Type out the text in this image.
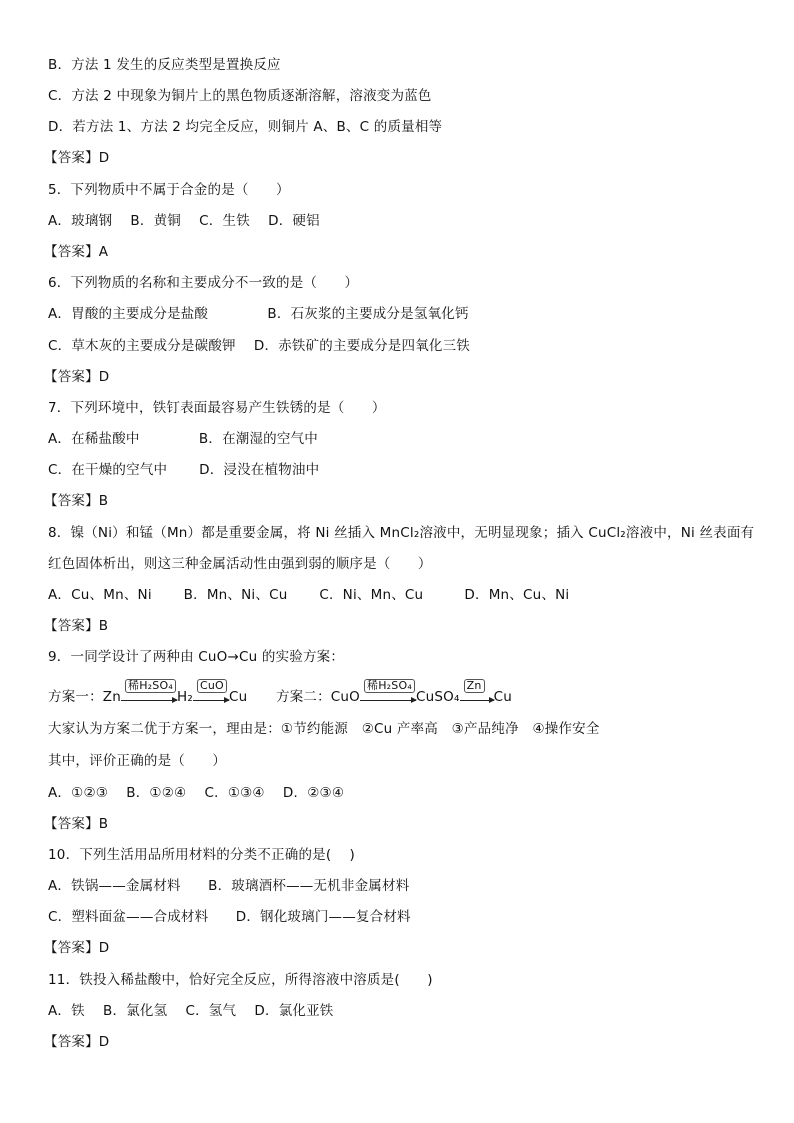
B．方法 1 发生的反应类型是置换反应
C．方法 2 中现象为铜片上的黑色物质逐渐溶解，溶液变为蓝色
D．若方法 1、方法 2 均完全反应，则铜片 A、B、C 的质量相等
【答案】D
5．下列物质中不属于合金的是（　　）
A．玻璃钢　 B．黄铜　 C．生铁　 D．硬铝
【答案】A
6．下列物质的名称和主要成分不一致的是（　　）
A．胃酸的主要成分是盐酸　　　　 B．石灰浆的主要成分是氢氧化钙
C．草木灰的主要成分是碳酸钾　 D．赤铁矿的主要成分是四氧化三铁
【答案】D
7．下列环境中，铁钉表面最容易产生铁锈的是（　　）
A．在稀盐酸中　　　　 B．在潮湿的空气中
C．在干燥的空气中　　 D．浸没在植物油中
【答案】B
8．镍（Ni）和锰（Mn）都是重要金属，将 Ni 丝插入 MnCl₂溶液中，无明显现象；插入 CuCl₂溶液中，Ni 丝表面有
红色固体析出，则这三种金属活动性由强到弱的顺序是（　　）
A．Cu、Mn、Ni　　 B．Mn、Ni、Cu　　 C．Ni、Mn、Cu　　　D．Mn、Cu、Ni
【答案】B
9．一同学设计了两种由 CuO→Cu 的实验方案：
方案一：Zn
稀H₂SO₄
H₂
CuO
Cu 方案二：CuO
稀H₂SO₄
CuSO₄
Zn
Cu
大家认为方案二优于方案一，理由是：①节约能源　②Cu 产率高　③产品纯净　④操作安全
其中，评价正确的是（　　）
A．①②③　 B．①②④　 C．①③④　 D．②③④
【答案】B
10．下列生活用品所用材料的分类不正确的是(　 )
A．铁锅——金属材料　　B．玻璃酒杯——无机非金属材料
C．塑料面盆——合成材料　　D．钢化玻璃门——复合材料
【答案】D
11．铁投入稀盐酸中，恰好完全反应，所得溶液中溶质是(　　)
A．铁　 B．氯化氢　 C．氢气　 D．氯化亚铁
【答案】D
